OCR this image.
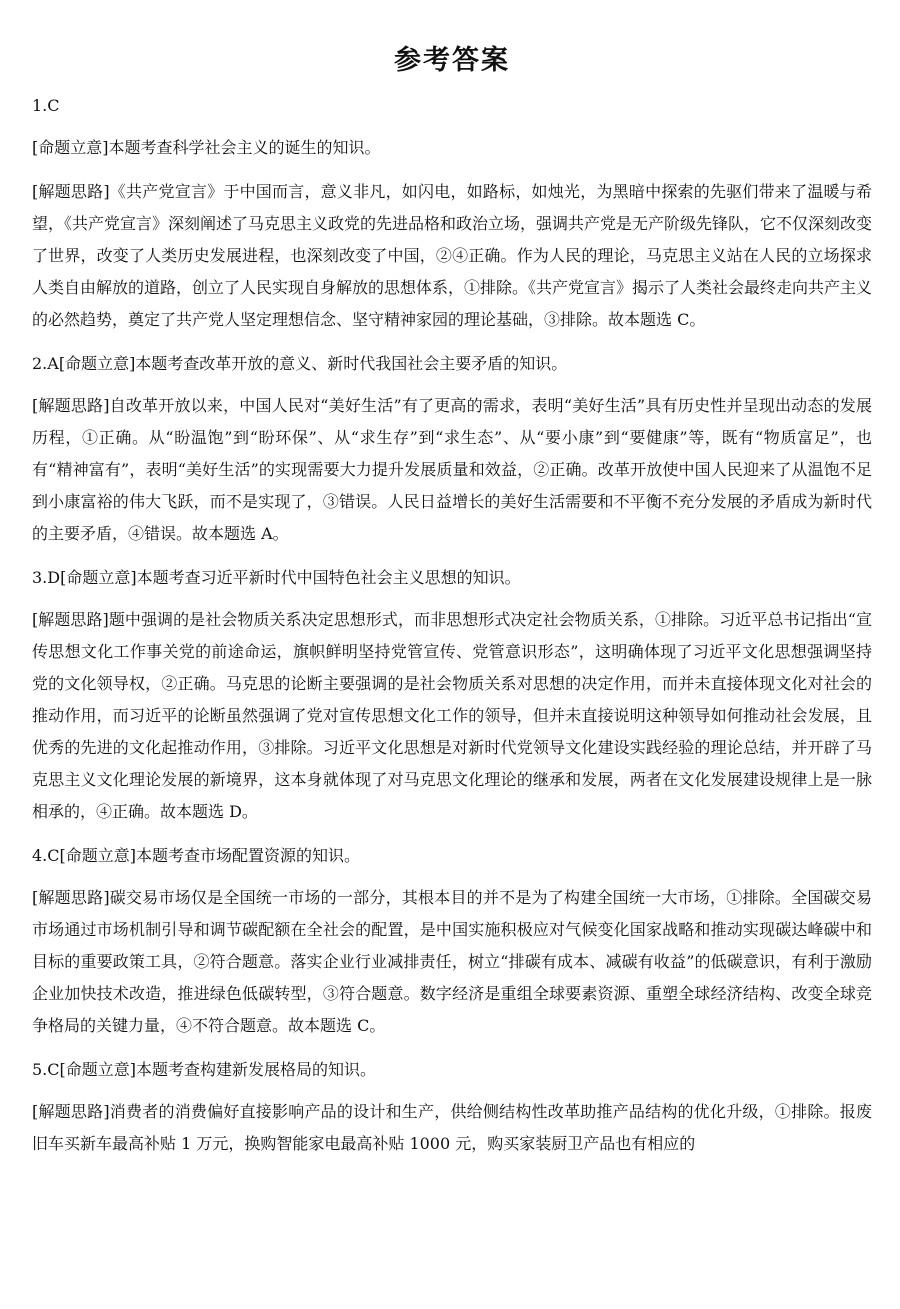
参考答案

1.C

[命题立意]本题考查科学社会主义的诞生的知识。

[解题思路]《共产党宣言》于中国而言，意义非凡，如闪电，如路标，如烛光，为黑暗中探索的先驱们带来了温暖与希望，《共产党宣言》深刻阐述了马克思主义政党的先进品格和政治立场，强调共产党是无产阶级先锋队，它不仅深刻改变了世界，改变了人类历史发展进程，也深刻改变了中国，②④正确。作为人民的理论，马克思主义站在人民的立场探求人类自由解放的道路，创立了人民实现自身解放的思想体系，①排除。《共产党宣言》揭示了人类社会最终走向共产主义的必然趋势，奠定了共产党人坚定理想信念、坚守精神家园的理论基础，③排除。故本题选 C。

2.A[命题立意]本题考查改革开放的意义、新时代我国社会主要矛盾的知识。

[解题思路]自改革开放以来，中国人民对“美好生活”有了更高的需求，表明“美好生活”具有历史性并呈现出动态的发展历程，①正确。从“盼温饱”到“盼环保”、从“求生存”到“求生态”、从“要小康”到“要健康”等，既有“物质富足”，也有“精神富有”，表明“美好生活”的实现需要大力提升发展质量和效益，②正确。改革开放使中国人民迎来了从温饱不足到小康富裕的伟大飞跃，而不是实现了，③错误。人民日益增长的美好生活需要和不平衡不充分发展的矛盾成为新时代的主要矛盾，④错误。故本题选 A。

3.D[命题立意]本题考查习近平新时代中国特色社会主义思想的知识。

[解题思路]题中强调的是社会物质关系决定思想形式，而非思想形式决定社会物质关系，①排除。习近平总书记指出“宣传思想文化工作事关党的前途命运，旗帜鲜明坚持党管宣传、党管意识形态”，这明确体现了习近平文化思想强调坚持党的文化领导权，②正确。马克思的论断主要强调的是社会物质关系对思想的决定作用，而并未直接体现文化对社会的推动作用，而习近平的论断虽然强调了党对宣传思想文化工作的领导，但并未直接说明这种领导如何推动社会发展，且优秀的先进的文化起推动作用，③排除。习近平文化思想是对新时代党领导文化建设实践经验的理论总结，并开辟了马克思主义文化理论发展的新境界，这本身就体现了对马克思文化理论的继承和发展，两者在文化发展建设规律上是一脉相承的，④正确。故本题选 D。

4.C[命题立意]本题考查市场配置资源的知识。

[解题思路]碳交易市场仅是全国统一市场的一部分，其根本目的并不是为了构建全国统一大市场，①排除。全国碳交易市场通过市场机制引导和调节碳配额在全社会的配置，是中国实施积极应对气候变化国家战略和推动实现碳达峰碳中和目标的重要政策工具，②符合题意。落实企业行业减排责任，树立“排碳有成本、减碳有收益”的低碳意识，有利于激励企业加快技术改造，推进绿色低碳转型，③符合题意。数字经济是重组全球要素资源、重塑全球经济结构、改变全球竞争格局的关键力量，④不符合题意。故本题选 C。

5.C[命题立意]本题考查构建新发展格局的知识。

[解题思路]消费者的消费偏好直接影响产品的设计和生产，供给侧结构性改革助推产品结构的优化升级，①排除。报废旧车买新车最高补贴 1 万元，换购智能家电最高补贴 1000 元，购买家装厨卫产品也有相应的
